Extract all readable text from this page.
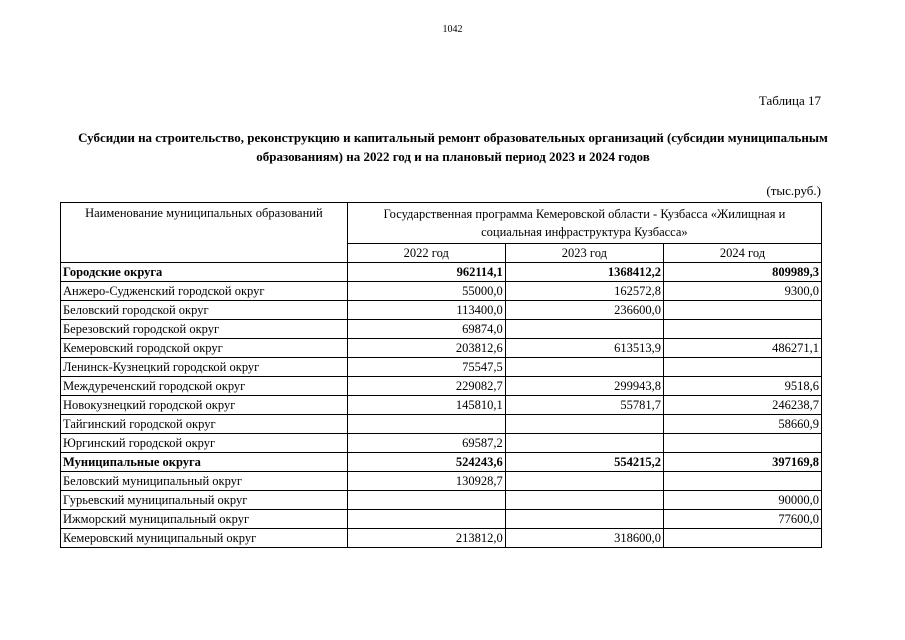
1042
Таблица 17
Субсидии на строительство, реконструкцию и капитальный ремонт образовательных организаций (субсидии муниципальным образованиям) на 2022 год и на плановый период 2023 и 2024 годов
(тыс.руб.)
Наименование муниципальных образований	Государственная программа Кемеровской области - Кузбасса «Жилищная и социальная инфраструктура Кузбасса»		
	2022 год	2023 год	2024 год
Городские округа	962114,1	1368412,2	809989,3
Анжеро-Судженский городской округ	55000,0	162572,8	9300,0
Беловский городской округ	113400,0	236600,0	
Березовский городской округ	69874,0		
Кемеровский городской округ	203812,6	613513,9	486271,1
Ленинск-Кузнецкий городской округ	75547,5		
Междуреченский городской округ	229082,7	299943,8	9518,6
Новокузнецкий городской округ	145810,1	55781,7	246238,7
Тайгинский городской округ			58660,9
Юргинский городской округ	69587,2		
Муниципальные округа	524243,6	554215,2	397169,8
Беловский муниципальный округ	130928,7		
Гурьевский муниципальный округ			90000,0
Ижморский муниципальный округ			77600,0
Кемеровский муниципальный округ	213812,0	318600,0	
